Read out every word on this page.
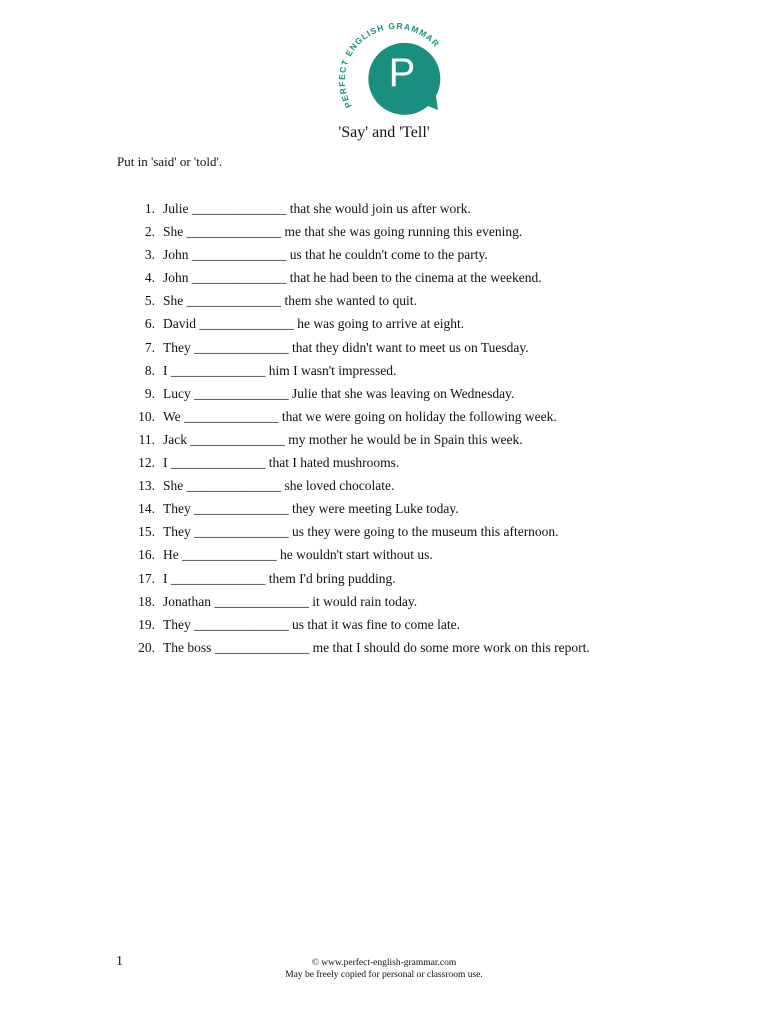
PERFECT ENGLISH GRAMMAR
P
'Say' and 'Tell'

Put in 'said' or 'told'.

1. Julie ______________ that she would join us after work.
2. She ______________ me that she was going running this evening.
3. John ______________ us that he couldn't come to the party.
4. John ______________ that he had been to the cinema at the weekend.
5. She ______________ them she wanted to quit.
6. David ______________ he was going to arrive at eight.
7. They ______________ that they didn't want to meet us on Tuesday.
8. I ______________ him I wasn't impressed.
9. Lucy ______________ Julie that she was leaving on Wednesday.
10. We ______________ that we were going on holiday the following week.
11. Jack ______________ my mother he would be in Spain this week.
12. I ______________ that I hated mushrooms.
13. She ______________ she loved chocolate.
14. They ______________ they were meeting Luke today.
15. They ______________ us they were going to the museum this afternoon.
16. He ______________ he wouldn't start without us.
17. I ______________ them I'd bring pudding.
18. Jonathan ______________ it would rain today.
19. They ______________ us that it was fine to come late.
20. The boss ______________ me that I should do some more work on this report.
1	© www.perfect-english-grammar.com
May be freely copied for personal or classroom use.
